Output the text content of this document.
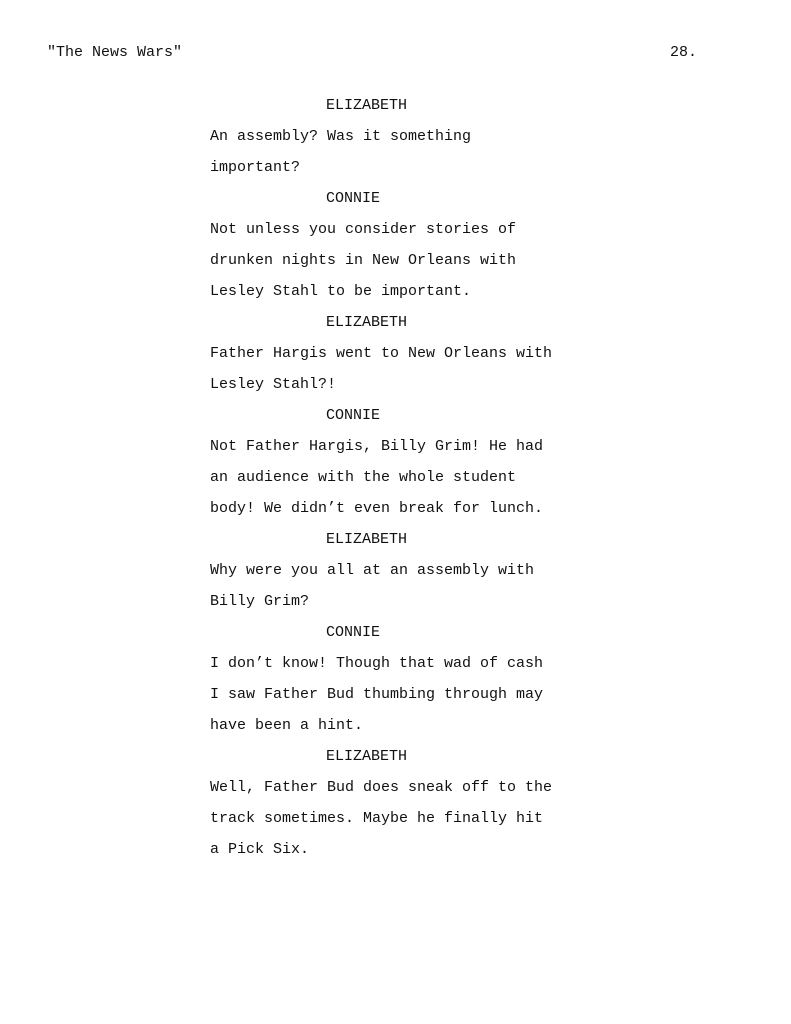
"The News Wars"	28.
ELIZABETH
An assembly? Was it something
important?
CONNIE
Not unless you consider stories of
drunken nights in New Orleans with
Lesley Stahl to be important.
ELIZABETH
Father Hargis went to New Orleans with
Lesley Stahl?!
CONNIE
Not Father Hargis, Billy Grim! He had
an audience with the whole student
body! We didn’t even break for lunch.
ELIZABETH
Why were you all at an assembly with
Billy Grim?
CONNIE
I don’t know! Though that wad of cash
I saw Father Bud thumbing through may
have been a hint.
ELIZABETH
Well, Father Bud does sneak off to the
track sometimes. Maybe he finally hit
a Pick Six.
